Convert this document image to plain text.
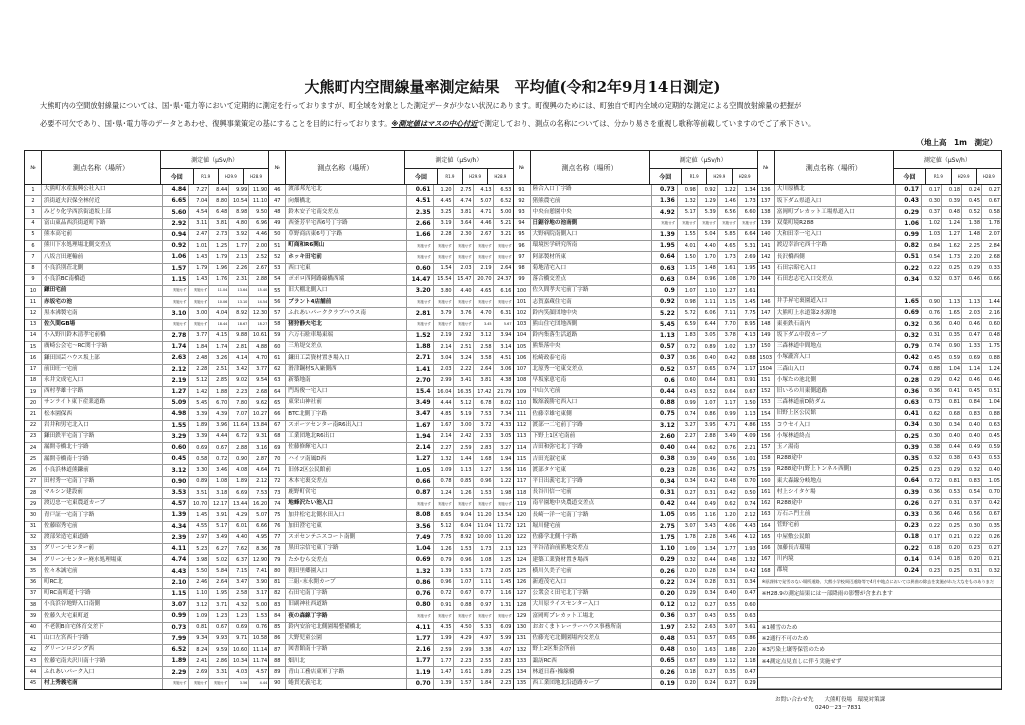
大熊町内空間線量率測定結果　平均値(令和2年9月14日測定)
大熊町内の空間放射線量については、国･県･電力等において定期的に測定を行っておりますが、町全域を対象とした測定データが少ない状況にあります。町復興のためには、町独自で町内全域の定期的な測定による空間放射線量の把握が
必要不可欠であり、国･県･電力等のデータとあわせ、復興事業策定の基にすることを目的に行っております。※測定値はマスの中心付近で測定しており、測点の名称については、分かり易さを重視し歌称等前載していますのでご了承下さい。
（地上高　1m　測定）
№	測点名称（場所）
測定値（μSv/h）
今回	R1.9	H29.9	H28.9
1	大熊町水産振興公社入口	4.84	7.27	8.44	9.99	11.90
2	浜街道夫沢保全林付近	6.65	7.04	8.80	10.54	11.10
3	みどり化学西浜街道坂上部	5.60	4.54	6.48	8.98	9.50
4	富山東品西浜街道町下路	2.92	3.11	3.81	4.80	6.96
5	熊本高宅前	0.94	2.47	2.73	3.92	4.46
6	熊川下水処理場北側交差点	0.92	1.01	1.25	1.77	2.00
7	八坂言田運輸前	1.06	1.43	1.79	2.13	2.52
8	小良浜別荘北側	1.57	1.79	1.96	2.26	2.67
9	小良浜BC南橋道	1.15	1.43	1.76	2.31	2.88
10	鎌田宅前	実施せず	実施せず	11.04	13.64	15.40
11	赤坂宅の池	実施せず	実施せず	10.06	13.10	14.54
12	黒本沸製宅南	3.10	3.00	4.04	8.92	12.30
13	佐久間GB場	実施せず	実施せず	18.44	18.67	18.27
14	小入野川鈴木清孝宅前橋	2.78	3.77	4.15	9.88	10.61
15	廣崎公会宅〜RC関十字路	1.74	1.84	1.74	2.81	4.88
16	鎌田国芸ハウス坂上部	2.63	2.48	3.26	4.14	4.70
17	前田旺一宅前	2.12	2.28	2.51	3.42	3.77
18	永井文成宅入口	2.19	5.12	2.85	9.02	9.54
19	西村孝雄十字路	1.27	1.42	1.88	2.23	2.68
20	サンライト東下産業道路	5.09	5.45	6.70	7.80	9.62
21	松本園保西	4.98	3.39	4.39	7.07	10.27
22	岩井和男宅北入口	1.55	1.89	3.96	11.64	13.84
23	鎌田鉄平宅南丁字路	3.29	3.39	4.44	6.72	9.31
24	漏開寺橋北十字路	0.60	0.69	0.67	2.88	3.16
25	漏開寺橋南十字路	0.45	0.58	0.72	0.90	2.87
26	小良浜林道熊鎌前	3.12	3.30	3.46	4.08	4.64
27	田村秀一宅南丁字路	0.90	0.89	1.08	1.89	2.12
28	マルシン建設前	3.53	3.51	3.18	6.69	7.53
29	渡辺忠一宅東農道カーブ	4.57	10.70	12.17	13.44	16.20
30	青戸証一宅南丁字路	1.39	1.45	3.91	4.29	5.07
31	佐藤昭秀宅前	4.34	4.55	5.17	6.01	6.66
32	渡部栄造宅東道路	2.39	2.97	3.49	4.40	4.95
33	グリーンセンター前	4.11	5.23	6.27	7.62	8.36
34	グリーンセンター廃水処理場東	4.74	3.98	5.02	6.37	12.90
35	佐々木誠宅前	4.43	5.50	5.84	7.15	7.41
36	町RC北	2.10	2.46	2.64	3.47	3.90
37	町RC南町道十字路	1.15	1.10	1.95	2.58	3.17
38	小良浜谷地野入口南側	3.07	3.12	3.71	4.32	5.00
39	佐藤久夫宅東町道	0.99	1.09	1.23	1.23	1.53
40	不老朝B自宅体育交差下	0.73	0.81	0.67	0.69	0.76
41	山口左宮西十字路	7.99	9.34	9.93	9.71	10.58
42	グリーンロジング西	6.52	8.24	9.59	10.60	11.14
43	佐藤宅南夫沢川南十字路	1.89	2.41	2.86	10.34	11.74
44	ふれあいパーク入口	2.29	2.69	3.31	4.03	4.57
45	村上秀義宅南	実施せず	実施せず	実施せず	3.56	4.44
№	測点名称（場所）
測定値（μSv/h）
今回	R1.9	H29.9	H28.9
46	渡部邦光宅北	0.61	1.20	2.75	4.13	6.53
47	向畑橋北	4.51	4.45	4.74	5.07	6.52
48	鈴木安子宅南交差点	2.35	3.25	3.81	4.71	5.00
49	西釜芳平宅西6号丁字路	2.66	3.19	3.64	4.46	5.21
50	草野商店東6号丁字路	1.66	2.28	2.30	2.67	3.21
51	町商和R6関山	実施せず	実施せず	実施せず	実施せず	実施せず
52	ホッキ田宅前	実施せず	実施せず	実施せず	実施せず	実施せず
53	西口宅東	0.60	1.54	2.03	2.19	2.64
54	ポポロ四阿路線橋西端	14.47	15.54	15.47	20.70	24.37
55	旧大棚北側入口	3.20	3.80	4.40	4.65	6.16
56	プラント4店舗前	実施せず	実施せず	実施せず	実施せず	実施せず
57	ふれあいパーククラブハウス南	2.81	3.79	3.76	4.70	6.31
58	猪狩静夫宅北	実施せず	実施せず	実施せず	3.45	5.67
59	六万石駐車場東端	1.52	2.19	2.92	3.12	3.94
60	三角堤交差点	1.88	2.14	2.51	2.58	3.14
61	鎌田工芸資材置き場入口	2.71	3.04	3.24	3.58	4.51
62	滑津鋼材S入廠側西	1.41	2.03	2.22	2.64	3.06
63	新築地南	2.70	2.99	3.41	3.81	4.38
64	門馬俊一宅入口	15.4	16.04	16.35	17.42	21.79
65	東栄山神社前	3.49	4.44	5.12	6.78	8.02
66	BTC北側丁字路	3.47	4.85	5.19	7.53	7.34
67	スポーツセンター南R6出入口	1.67	1.67	3.00	3.72	4.33
68	工業団地北R6出口	1.94	2.14	2.42	2.33	3.05
69	佐藤修輝宅入口	2.14	2.27	2.59	2.83	3.27
70	ハイツ南風D西	1.27	1.32	1.44	1.68	1.94
71	旧体2区公民館前	1.05	1.09	1.13	1.27	1.56
72	木本宅裏交差点	0.66	0.78	0.85	0.96	1.22
73	鹿野町営宅	0.87	1.24	1.26	1.53	1.98
74	地蜂沢たい池入口	実施せず	実施せず	実施せず	実施せず	実施せず
75	加井松宅北側水田入口	8.08	8.65	9.04	11.20	13.54
76	加田澄宅宅東	3.56	5.12	6.04	11.04	11.72
77	スポセンテニスコート南側	7.49	7.75	8.92	10.00	11.20
78	黒田宗信宅東丁字路	1.04	1.26	1.53	1.73	2.13
79	たかむら交差点	0.69	0.79	0.96	1.08	1.25
80	朝田里郷園入口	1.32	1.39	1.53	1.73	2.05
81	三組･末永開カーブ	0.86	0.96	1.07	1.11	1.45
82	石田宅南丁字路	0.76	0.72	0.67	0.77	1.16
83	旧副神社西道路	0.80	0.91	0.88	0.97	1.31
84	夜の森線丁字路	実施せず	実施せず	実施せず	実施せず	実施せず
85	鈴内安治宅北側園場整備橋北	4.11	4.35	4.50	5.33	6.09
86	大野児童公園	1.77	1.99	4.29	4.97	5.99
87	図書館南十字路	2.16	2.59	2.99	3.38	4.07
88	畑川北	1.77	1.77	2.23	2.55	2.83
89	青山工務店東軍丁字路	1.19	1.47	1.61	1.89	2.25
90	蜷貫光義宅北	0.70	1.39	1.57	1.84	2.23
№	測点名称（場所）
測定値（μSv/h）
今回	R1.9	H29.9	H28.9
91	陸合入口丁字路	0.73	0.98	0.92	1.22	1.34
92	猪熊農宅前	1.36	1.32	1.29	1.46	1.73
93	中央台憩園中央	4.92	5.17	5.39	6.56	6.60
94	日鋸谷地の池南側	実施せず	実施せず	実施せず	実施せず	実施せず
95	大野病院南側入口	1.39	1.55	5.04	5.85	6.64
96	環境医学研究所南	1.95	4.01	4.40	4.65	5.31
97	阿部製材所東	0.64	1.50	1.70	1.73	2.69
98	菊地清宅入口	0.63	1.15	1.48	1.61	1.95
99	落合橋交差点	0.63	0.84	0.96	1.08	1.70
100	佐久間孝夫宅前丁字路	0.9	1.07	1.10	1.27	1.61
101	志賀嘉蔵住宅南	0.92	0.98	1.11	1.15	1.45
102	鈴内笑顔団地中央	5.22	5.72	6.06	7.11	7.75
103	熊山住宅団地西側	5.45	6.59	6.44	7.70	8.95
104	鈴内集落生活道路	1.13	1.83	3.05	3.78	4.13
105	熊集落中央	0.57	0.72	0.89	1.02	1.37
106	松崎政泰宅南	0.37	0.36	0.40	0.42	0.88
107	北原秀一宅東交差点	0.52	0.57	0.65	0.74	1.17
108	早坂家恵宅南	0.6	0.60	0.64	0.81	0.91
109	中山久宅前	0.44	0.43	0.52	0.64	0.67
110	飯舘義勝宅西入口	0.88	0.99	1.07	1.17	1.50
111	佐藤幸雄宅東側	0.75	0.74	0.86	0.99	1.13
112	渡部一二宅前丁字路	3.12	3.27	3.95	4.71	4.86
113	下野上1区宅南前	2.60	2.27	2.88	3.49	4.09
114	吉田和弥宅北丁字路	0.40	0.44	0.62	0.76	2.21
115	吉田光淑宅東	0.38	0.39	0.49	0.56	1.01
116	渡部タケ宅東	0.23	0.28	0.36	0.42	0.75
117	平日出義宅北丁字路	0.34	0.34	0.42	0.48	0.70
118	長谷川信一宅前	0.31	0.27	0.31	0.42	0.50
119	南平園地中央農道交差点	0.42	0.44	0.49	0.62	0.74
120	長崎一洋一宅南丁字路	1.05	0.95	1.16	1.20	2.12
121	堀川健宅前	2.75	3.07	3.43	4.06	4.43
122	佐藤学北側十字路	1.75	1.78	2.28	3.46	4.12
123	平谷清治前熊地交差点	1.10	1.09	1.34	1.77	1.93
124	建築工業資材置き場西	0.29	0.32	0.44	0.48	1.32
125	横川久美子宅前	0.26	0.20	0.28	0.34	0.42
126	新遊茂宅入口	0.22	0.24	0.28	0.31	0.34
127	公衆会ミ田宅北丁字路	0.20	0.29	0.34	0.40	0.47
128	大川原ライスセンター入口	0.12	0.12	0.27	0.55	0.60
129	富岡町プレカット工場北	0.36	0.37	0.43	0.55	0.63
130	おおくまトレーラーハウス事務所南	1.97	2.52	2.63	3.07	3.61
131	佐藤光宅北側園場内交差点	0.48	0.51	0.57	0.65	0.86
132	野上2区集会所前	0.48	0.50	1.63	1.88	2.20
133	諏訪RC西	0.65	0.67	0.89	1.12	1.18
134	林道日暮･操線橋	0.26	0.18	0.27	0.35	0.47
135	西工業団地北沿道路カーブ	0.19	0.20	0.24	0.27	0.29
№	測点名称（場所）
測定値（μSv/h）
今回	R1.9	H29.9	H28.9
136	大川原橋北	0.17	0.17	0.18	0.24	0.27
137	坂下ダム県道入口	0.43	0.30	0.39	0.45	0.67
138	富岡町プレカット工場県道入口	0.29	0.37	0.48	0.52	0.58
139	双葉町境R288	1.06	1.02	1.24	1.38	1.78
140	大和田幸一宅入口	0.99	1.03	1.27	1.48	2.07
141	渡辺幸治宅西十字路	0.82	0.84	1.62	2.25	2.84
142	長沢橋西側	0.51	0.54	1.73	2.20	2.68
143	石田宗昭宅入口	0.22	0.22	0.25	0.29	0.33
144	石田忠志宅入口交差点	0.34	0.32	0.37	0.46	0.66
146	井手昇宅裏園道入口	1.65	0.90	1.13	1.13	1.44
147	大熊町上水道第2水源地	0.69	0.76	1.65	2.03	2.16
148	東亜鉄石南内	0.32	0.36	0.40	0.46	0.60
149	坂下ダム中段カーブ	0.32	0.31	0.35	0.47	0.48
150	三森林道中間地点	0.79	0.74	0.90	1.33	1.75
1503 小塚瀧宮入口	0.42	0.45	0.59	0.69	0.88
1504 三森山入口	0.74	0.88	1.04	1.14	1.24
151	小塚たの池北側	0.28	0.29	0.42	0.46	0.46
152	旧いろの川東側道路	0.36	0.36	0.41	0.45	0.51
153	三森林道前D防ダム	0.63	0.73	0.81	0.84	1.04
154	旧野上区公民館	0.41	0.62	0.68	0.83	0.88
155	コウセイ入口	0.34	0.30	0.34	0.40	0.63
156	小塚林道終点	0.25	0.30	0.40	0.40	0.45
157	玉ノ湯南	0.39	0.38	0.44	0.49	0.59
158	R288途中	0.35	0.32	0.38	0.43	0.53
159	R288途中(野上トンネル西側)	0.25	0.23	0.29	0.32	0.40
160	東大森線分岐地点	0.64	0.72	0.81	0.83	1.05
161	村上シイタケ場	0.39	0.36	0.53	0.54	0.70
162	R288途中	0.26	0.27	0.31	0.37	0.42
163	万石ニ門土前	0.33	0.36	0.46	0.56	0.67
164	菅野宅前	0.23	0.22	0.25	0.30	0.35
165	中屋敷公民館	0.18	0.17	0.21	0.22	0.26
166	加藤長吉環場	0.22	0.18	0.20	0.23	0.27
167	川内境	0.14	0.14	0.18	0.20	0.21
168	郡境	0.24	0.23	0.25	0.31	0.32
※原課体で発雪のない場所道路、大熊小学校周辺道路等で4月中地点においては異曲の除去を実施がれた大なをものありまだ
※H28.9の測定結果には一部降雨の影響が含まれます
※1種雪のため
※2通行不可のため
※3汚染土壌等保管のため
※4測定点見直しに伴う実施せず
お問い合わせ先　　大熊町役場　環境対策課
0240－23－7831
